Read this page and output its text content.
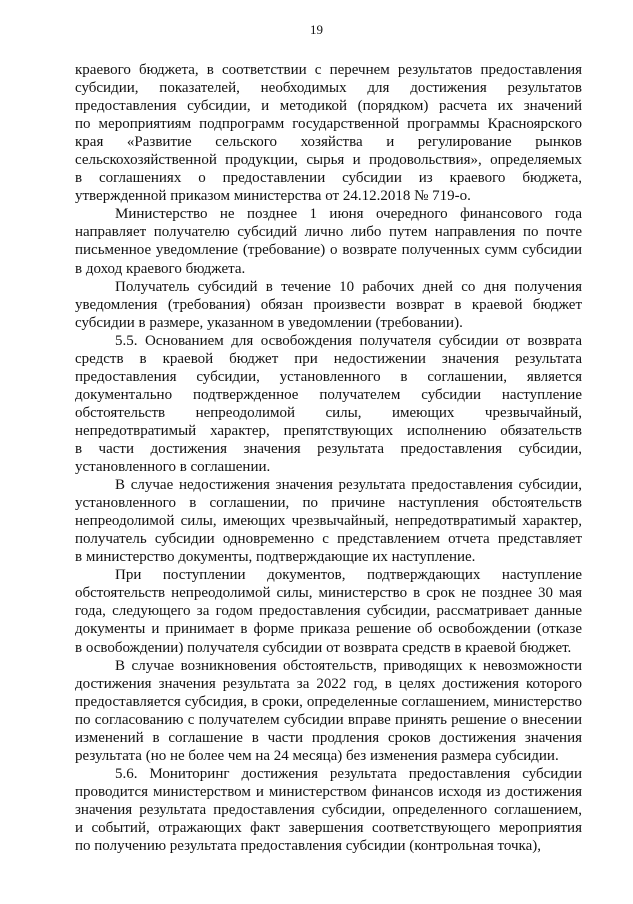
19

краевого бюджета, в соответствии с перечнем результатов предоставления
субсидии, показателей, необходимых для достижения результатов
предоставления субсидии, и методикой (порядком) расчета их значений
по мероприятиям подпрограмм государственной программы Красноярского
края «Развитие сельского хозяйства и регулирование рынков
сельскохозяйственной продукции, сырья и продовольствия», определяемых
в соглашениях о предоставлении субсидии из краевого бюджета,
утвержденной приказом министерства от 24.12.2018 № 719-о.

Министерство не позднее 1 июня очередного финансового года
направляет получателю субсидий лично либо путем направления по почте
письменное уведомление (требование) о возврате полученных сумм субсидии
в доход краевого бюджета.

Получатель субсидий в течение 10 рабочих дней со дня получения
уведомления (требования) обязан произвести возврат в краевой бюджет
субсидии в размере, указанном в уведомлении (требовании).

5.5. Основанием для освобождения получателя субсидии от возврата
средств в краевой бюджет при недостижении значения результата
предоставления субсидии, установленного в соглашении, является
документально подтвержденное получателем субсидии наступление
обстоятельств непреодолимой силы, имеющих чрезвычайный,
непредотвратимый характер, препятствующих исполнению обязательств
в части достижения значения результата предоставления субсидии,
установленного в соглашении.

В случае недостижения значения результата предоставления субсидии,
установленного в соглашении, по причине наступления обстоятельств
непреодолимой силы, имеющих чрезвычайный, непредотвратимый характер,
получатель субсидии одновременно с представлением отчета представляет
в министерство документы, подтверждающие их наступление.

При поступлении документов, подтверждающих наступление
обстоятельств непреодолимой силы, министерство в срок не позднее 30 мая
года, следующего за годом предоставления субсидии, рассматривает данные
документы и принимает в форме приказа решение об освобождении (отказе
в освобождении) получателя субсидии от возврата средств в краевой бюджет.

В случае возникновения обстоятельств, приводящих к невозможности
достижения значения результата за 2022 год, в целях достижения которого
предоставляется субсидия, в сроки, определенные соглашением, министерство
по согласованию с получателем субсидии вправе принять решение о внесении
изменений в соглашение в части продления сроков достижения значения
результата (но не более чем на 24 месяца) без изменения размера субсидии.

5.6. Мониторинг достижения результата предоставления субсидии
проводится министерством и министерством финансов исходя из достижения
значения результата предоставления субсидии, определенного соглашением,
и событий, отражающих факт завершения соответствующего мероприятия
по получению результата предоставления субсидии (контрольная точка),
